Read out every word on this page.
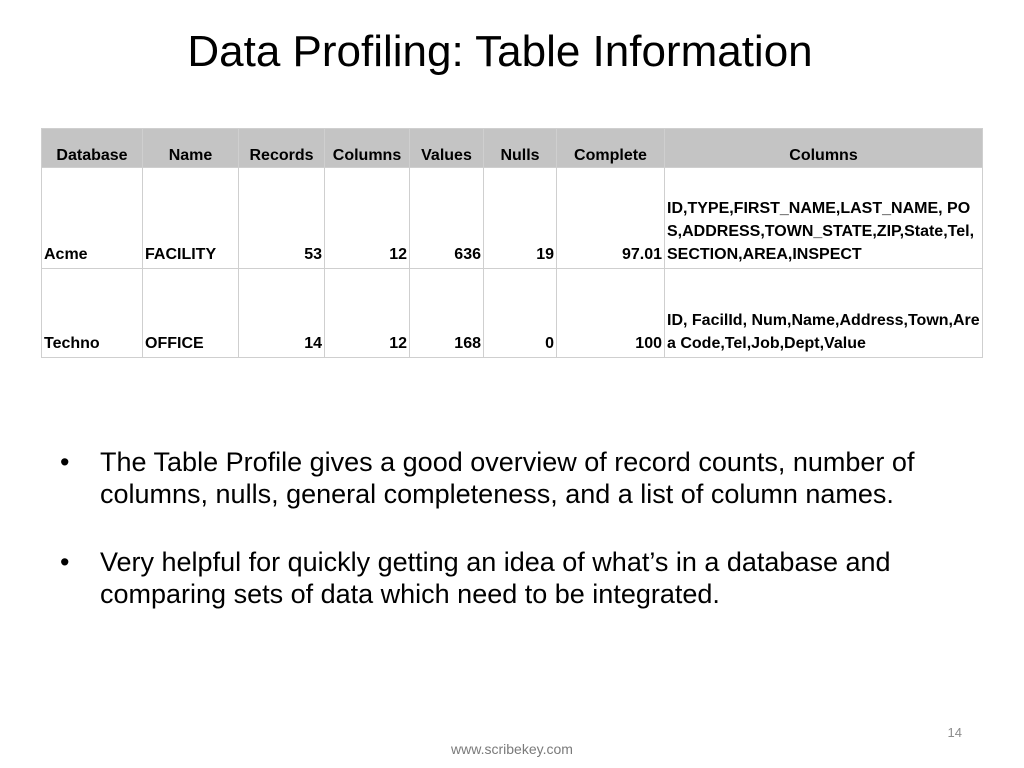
Data Profiling: Table Information
Database	Name	Records	Columns	Values	Nulls	Complete	Columns
Acme	FACILITY	53	12	636	19	97.01	ID,TYPE,FIRST_NAME,LAST_NAME, POS,ADDRESS,TOWN_STATE,ZIP,State,Tel,SECTION,AREA,INSPECT
Techno	OFFICE	14	12	168	0	100	ID, FacilId, Num,Name,Address,Town,Area Code,Tel,Job,Dept,Value
• The Table Profile gives a good overview of record counts, number of columns, nulls, general completeness, and a list of column names.
• Very helpful for quickly getting an idea of what’s in a database and comparing sets of data which need to be integrated.
14
www.scribekey.com
